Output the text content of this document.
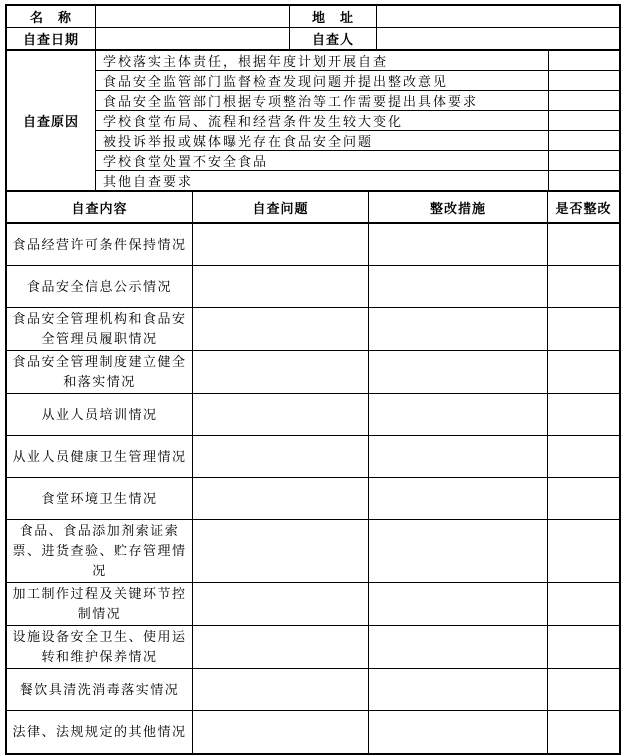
名　称		地　址	
自查日期		自查人	
自查原因	学校落实主体责任，根据年度计划开展自查	
	食品安全监管部门监督检查发现问题并提出整改意见	
	食品安全监管部门根据专项整治等工作需要提出具体要求	
	学校食堂布局、流程和经营条件发生较大变化	
	被投诉举报或媒体曝光存在食品安全问题	
	学校食堂处置不安全食品	
	其他自查要求	
自查内容	自查问题	整改措施	是否整改
食品经营许可条件保持情况			
食品安全信息公示情况			
食品安全管理机构和食品安全管理员履职情况			
食品安全管理制度建立健全和落实情况			
从业人员培训情况			
从业人员健康卫生管理情况			
食堂环境卫生情况			
食品、食品添加剂索证索票、进货查验、贮存管理情况			
加工制作过程及关键环节控制情况			
设施设备安全卫生、使用运转和维护保养情况			
餐饮具清洗消毒落实情况			
法律、法规规定的其他情况			
